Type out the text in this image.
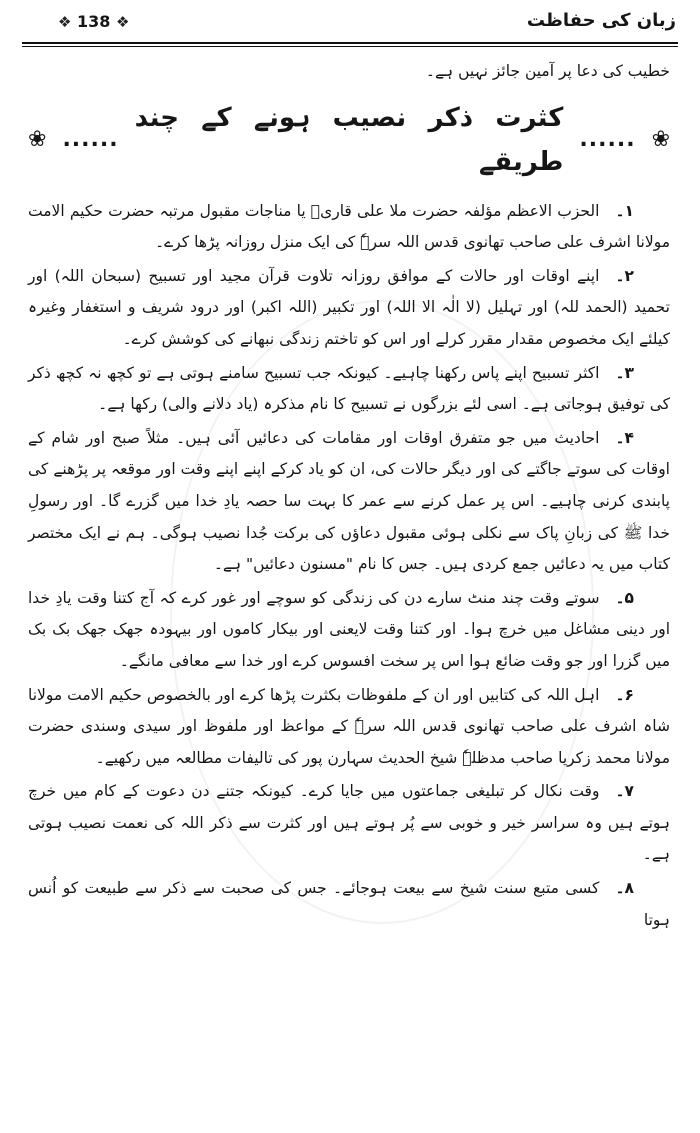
❖ 138 ❖	زبان کی حفاظت

خطیب کی دعا پر آمین جائز نہیں ہے۔

❀
......
کثرت ذکر نصیب ہونے کے چند طریقے
......
❀

۱۔الحزب الاعظم مؤلفہ حضرت ملا علی قاریؒ یا مناجات مقبول مرتبہ حضرت حکیم الامت مولانا اشرف علی صاحب تھانوی قدس اللہ سرہٗ کی ایک منزل روزانہ پڑھا کرے۔

۲۔اپنے اوقات اور حالات کے موافق روزانہ تلاوت قرآن مجید اور تسبیح (سبحان اللہ) اور تحمید (الحمد للہ) اور تہلیل (لا الٰہ الا اللہ) اور تکبیر (اللہ اکبر) اور درود شریف و استغفار وغیرہ کیلئے ایک مخصوص مقدار مقرر کرلے اور اس کو تاختم زندگی نبھانے کی کوشش کرے۔

۳۔اکثر تسبیح اپنے پاس رکھنا چاہیے۔ کیونکہ جب تسبیح سامنے ہوتی ہے تو کچھ نہ کچھ ذکر کی توفیق ہوجاتی ہے۔ اسی لئے بزرگوں نے تسبیح کا نام مذکرہ (یاد دلانے والی) رکھا ہے۔

۴۔احادیث میں جو متفرق اوقات اور مقامات کی دعائیں آئی ہیں۔ مثلاً صبح اور شام کے اوقات کی سوتے جاگتے کی اور دیگر حالات کی، ان کو یاد کرکے اپنے اپنے وقت اور موقعہ پر پڑھنے کی پابندی کرنی چاہیے۔ اس پر عمل کرنے سے عمر کا بہت سا حصہ یادِ خدا میں گزرے گا۔ اور رسولِ خدا ﷺ کی زبانِ پاک سے نکلی ہوئی مقبول دعاؤں کی برکت جُدا نصیب ہوگی۔ ہم نے ایک مختصر کتاب میں یہ دعائیں جمع کردی ہیں۔ جس کا نام "مسنون دعائیں" ہے۔

۵۔سوتے وقت چند منٹ سارے دن کی زندگی کو سوچے اور غور کرے کہ آج کتنا وقت یادِ خدا اور دینی مشاغل میں خرچ ہوا۔ اور کتنا وقت لایعنی اور بیکار کاموں اور بیہودہ جھک جھک بک بک میں گزرا اور جو وقت ضائع ہوا اس پر سخت افسوس کرے اور خدا سے معافی مانگے۔

۶۔اہل اللہ کی کتابیں اور ان کے ملفوظات بکثرت پڑھا کرے اور بالخصوص حکیم الامت مولانا شاہ اشرف علی صاحب تھانوی قدس اللہ سرہٗ کے مواعظ اور ملفوظ اور سیدی وسندی حضرت مولانا محمد زکریا صاحب مدظلہٗ شیخ الحدیث سہارن پور کی تالیفات مطالعہ میں رکھیے۔

۷۔وقت نکال کر تبلیغی جماعتوں میں جایا کرے۔ کیونکہ جتنے دن دعوت کے کام میں خرچ ہوتے ہیں وہ سراسر خیر و خوبی سے پُر ہوتے ہیں اور کثرت سے ذکر اللہ کی نعمت نصیب ہوتی ہے۔

۸۔کسی متبع سنت شیخ سے بیعت ہوجائے۔ جس کی صحبت سے ذکر سے طبیعت کو اُنس ہوتا
